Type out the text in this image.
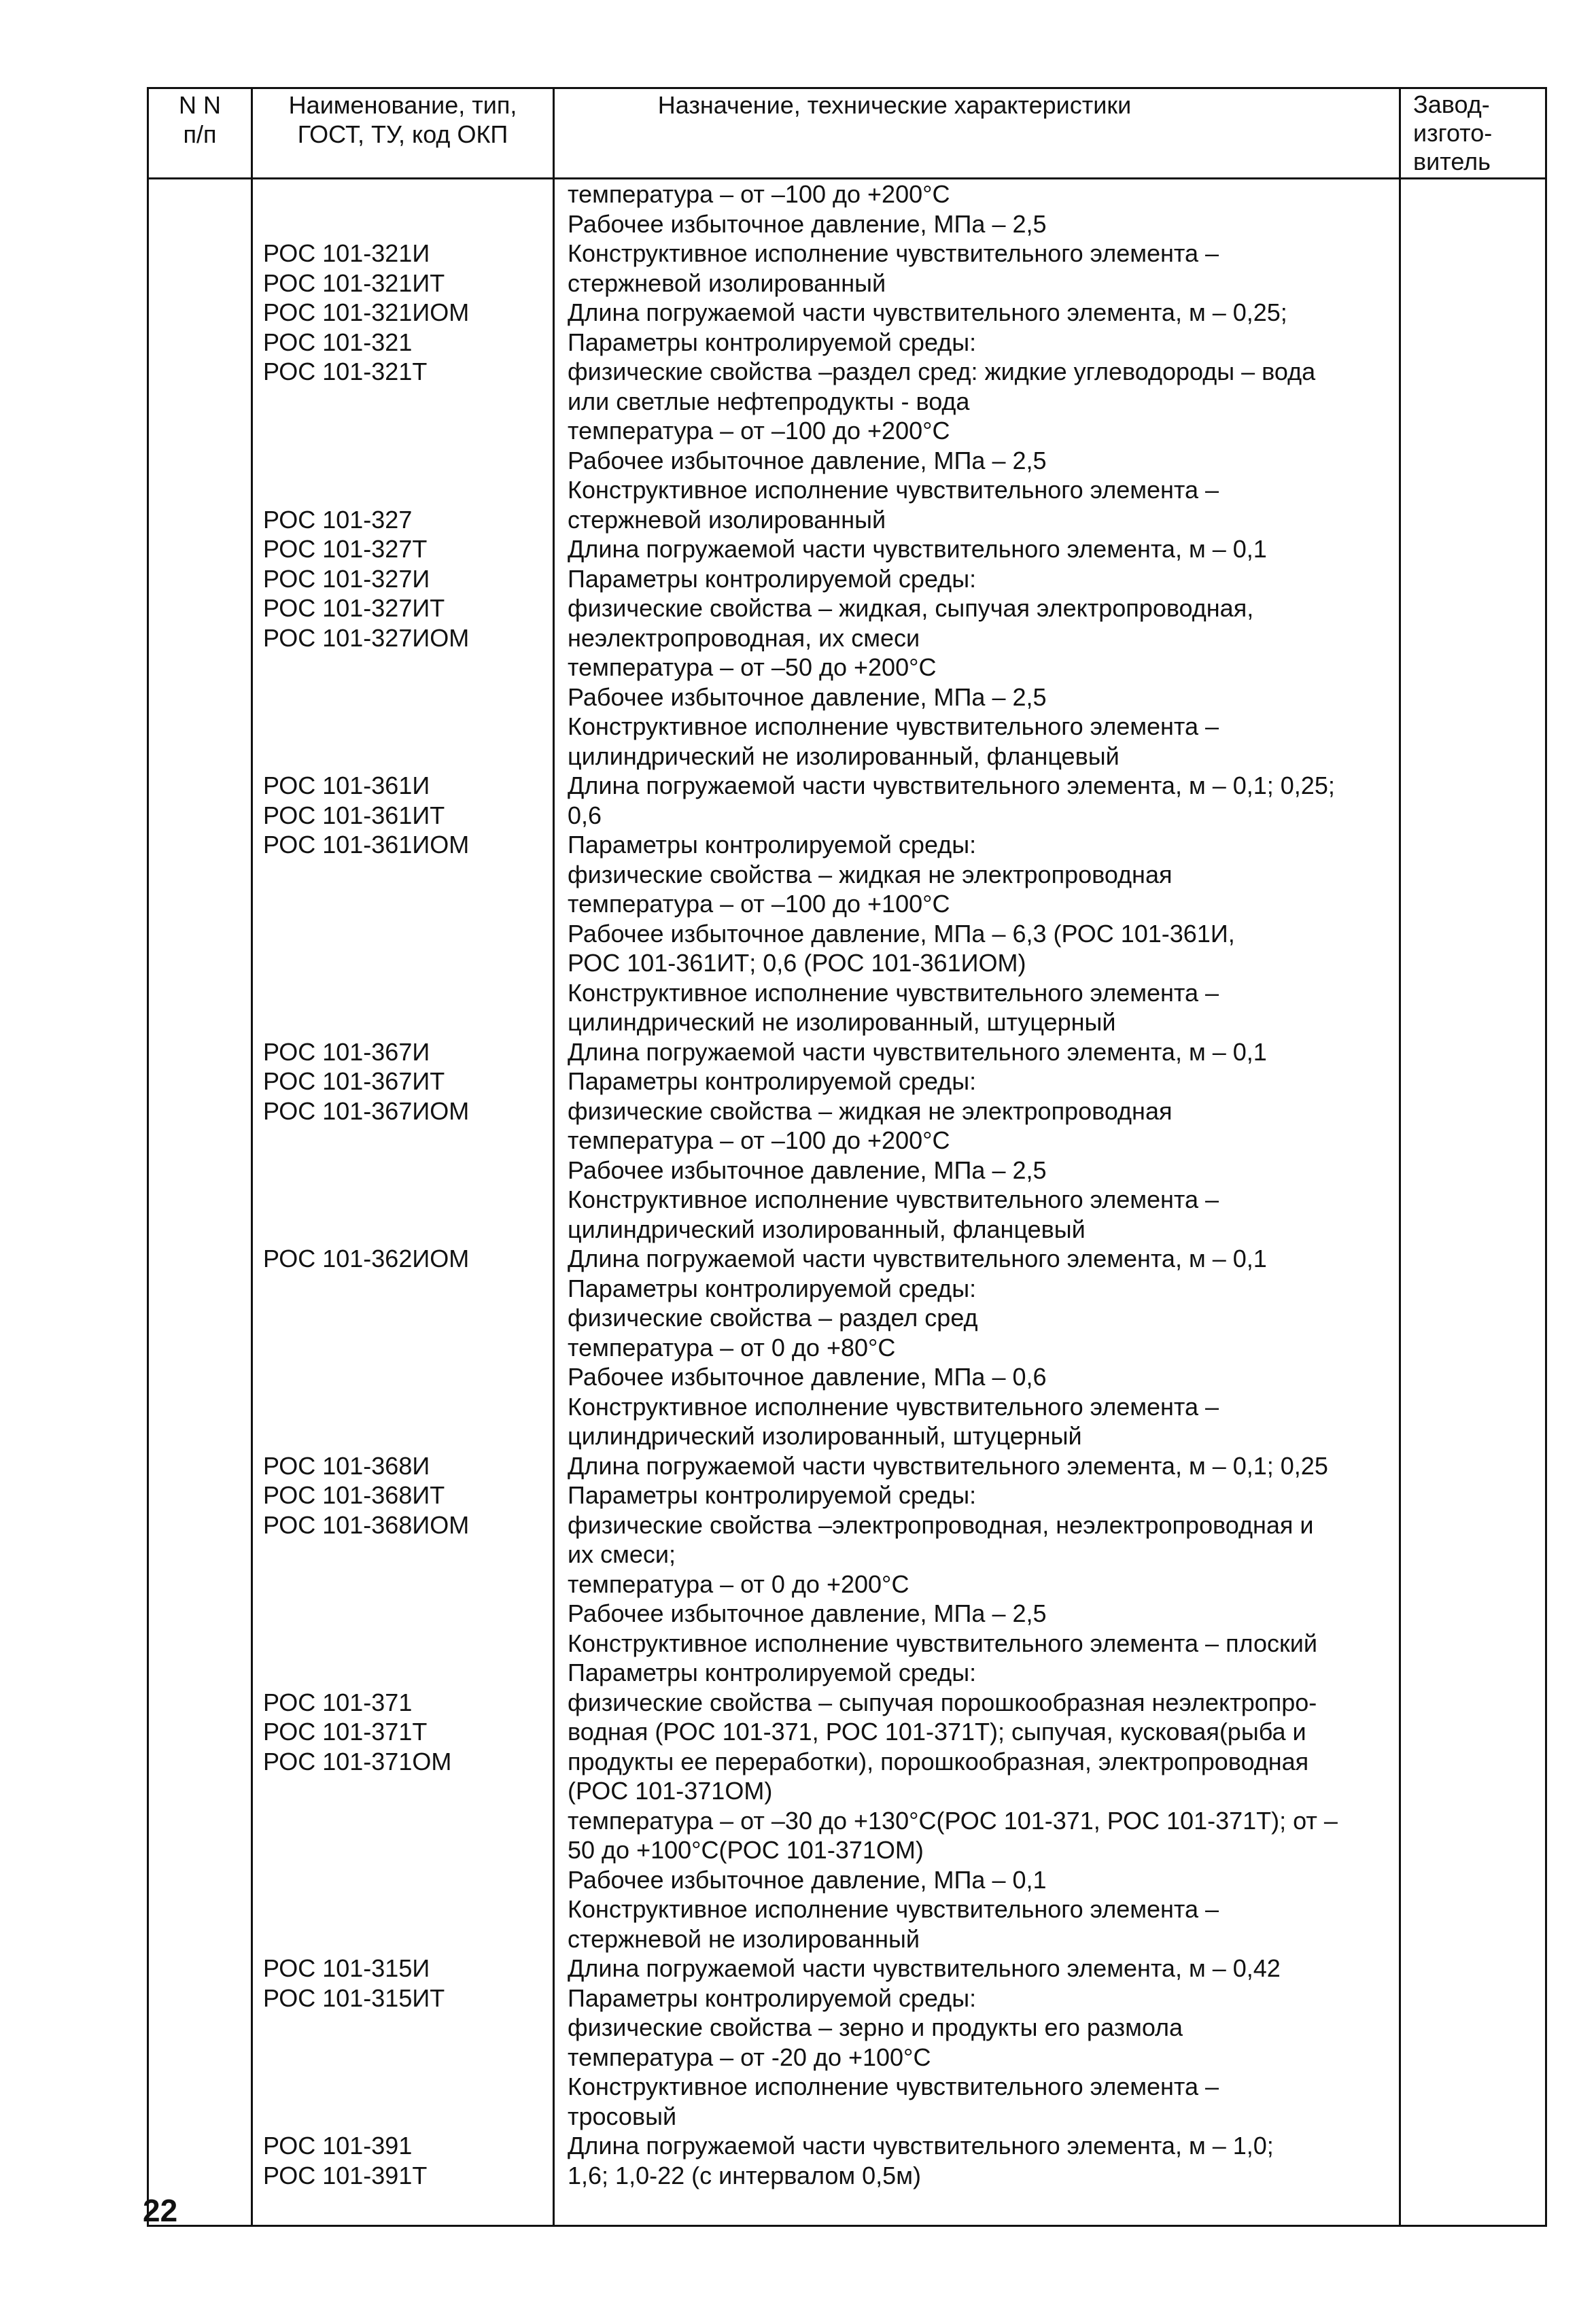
N N
п/п
Наименование, тип,
ГОСТ, ТУ, код ОКП
Назначение, технические характеристики	Завод-
изгото-
витель
РОС 101-321И
РОС 101-321ИТ
РОС 101-321ИОМ
РОС 101-321
РОС 101-321Т
РОС 101-327
РОС 101-327Т
РОС 101-327И
РОС 101-327ИТ
РОС 101-327ИОМ
РОС 101-361И
РОС 101-361ИТ
РОС 101-361ИОМ
РОС 101-367И
РОС 101-367ИТ
РОС 101-367ИОМ
РОС 101-362ИОМ
РОС 101-368И
РОС 101-368ИТ
РОС 101-368ИОМ
РОС 101-371
РОС 101-371Т
РОС 101-371ОМ
РОС 101-315И
РОС 101-315ИТ
РОС 101-391
РОС 101-391Т
температура – от –100 до +200°С
Рабочее избыточное давление, МПа – 2,5
Конструктивное исполнение чувствительного элемента –
стержневой изолированный
Длина погружаемой части чувствительного элемента, м – 0,25;
Параметры контролируемой среды:
физические свойства –раздел сред: жидкие углеводороды – вода
или светлые нефтепродукты - вода
температура – от –100 до +200°С
Рабочее избыточное давление, МПа – 2,5
Конструктивное исполнение чувствительного элемента –
стержневой изолированный
Длина погружаемой части чувствительного элемента, м – 0,1
Параметры контролируемой среды:
физические свойства – жидкая, сыпучая электропроводная,
неэлектропроводная, их смеси
температура – от –50 до +200°С
Рабочее избыточное давление, МПа – 2,5
Конструктивное исполнение чувствительного элемента –
цилиндрический не изолированный, фланцевый
Длина погружаемой части чувствительного элемента, м – 0,1; 0,25;
0,6
Параметры контролируемой среды:
физические свойства – жидкая не электропроводная
температура – от –100 до +100°С
Рабочее избыточное давление, МПа – 6,3 (РОС 101-361И,
РОС 101-361ИТ; 0,6 (РОС 101-361ИОМ)
Конструктивное исполнение чувствительного элемента –
цилиндрический не изолированный, штуцерный
Длина погружаемой части чувствительного элемента, м – 0,1
Параметры контролируемой среды:
физические свойства – жидкая не электропроводная
температура – от –100 до +200°С
Рабочее избыточное давление, МПа – 2,5
Конструктивное исполнение чувствительного элемента –
цилиндрический изолированный, фланцевый
Длина погружаемой части чувствительного элемента, м – 0,1
Параметры контролируемой среды:
физические свойства – раздел сред
температура – от 0 до +80°С
Рабочее избыточное давление, МПа – 0,6
Конструктивное исполнение чувствительного элемента –
цилиндрический изолированный, штуцерный
Длина погружаемой части чувствительного элемента, м – 0,1; 0,25
Параметры контролируемой среды:
физические свойства –электропроводная, неэлектропроводная и
их смеси;
температура – от 0 до +200°С
Рабочее избыточное давление, МПа – 2,5
Конструктивное исполнение чувствительного элемента – плоский
Параметры контролируемой среды:
физические свойства – сыпучая порошкообразная неэлектропро-
водная (РОС 101-371, РОС 101-371Т); сыпучая, кусковая(рыба и
продукты ее переработки), порошкообразная, электропроводная
(РОС 101-371ОМ)
температура – от –30 до +130°С(РОС 101-371, РОС 101-371Т); от –
50 до +100°С(РОС 101-371ОМ)
Рабочее избыточное давление, МПа – 0,1
Конструктивное исполнение чувствительного элемента –
стержневой не изолированный
Длина погружаемой части чувствительного элемента, м – 0,42
Параметры контролируемой среды:
физические свойства – зерно и продукты его размола
температура – от -20 до +100°С
Конструктивное исполнение чувствительного элемента –
тросовый
Длина погружаемой части чувствительного элемента, м – 1,0;
1,6; 1,0-22 (с интервалом 0,5м)
22
